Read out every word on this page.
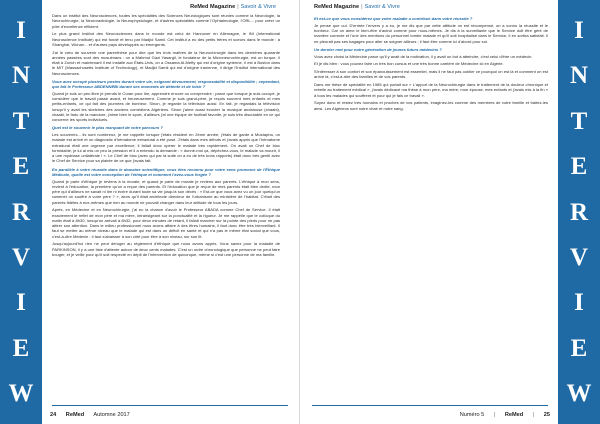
I
N
T
E
R
V
I
E
W
ReMed Magazine | Savoir & Vivre

Dans un institut des Neurosciences, toutes les spécialités des Sciences Neurologiques sont réunies comme la Neurologie, la Neurochirurgie, la Neuroradiologie, la Neurophysiologie, et d'autres spécialités comme l'Ophtalmologie, l'ORL... pour créer un pôle d'excellence efficient.

Le plus grand Institut des Neurosciences dans le monde est celui de Hannover en Allemagne, le INI (International Neuroscience Institute) qui est fondé et tenu par Madjid Samii. Cet institut a eu des petits frères et soeurs dans le monde : à Shanghai, Wuhan... et d'autres pays développés ou émergents.

J'ai le vœu de souvenir une parenthèse pour dire que les trois maîtres de la Neurochirurgie dans les dernières quarante années passées sont des musulmans : on a Mahmut Gazi Yasargil, le fondateur de la Microneurochirurgie, est un turque, il était à Zurich et maintenant il est installé aux États-Unis, on a Ossama Al-Mefty qui est d'origine syrienne, il est à Boston dans le MIT (Massachusetts Institute of Technology), et Madjid Samii qui est d'origine iranienne, il dirige l'Institut International des Neurosciences.

Vous avez occupé plusieurs postes durant votre vie, exigeant dévouement, responsabilité et disponibilité ; cependant, que fait le Professeur ABDENNEBI durant ses moments de détente et de loisir ?

Quand je suis un peu libre je prends le Coran pour lire, apprendre encore ou comprendre ; parce que lorsque je suis occupé, je considère que le travail passe avant, et heureusement. Comme je suis grand-père, je reçois souvent mes enfants et mes petits-enfants, ce qui fait des journées de bonheur. Sinon, je regarde la télévision aussi. En fait, je regardais la télévision lorsqu'il y avait les sketches des anciens comédiens Algériens. Sinon j'aime aussi écouter la musique andalouse (chaabi), chaabi, le fado de la mandore, j'aime bien le sport, d'ailleurs j'ai une équipe de football favorite, je suis très discutable en ce qui concerne les sports individuels.

Quel est le souvenir le plus marquant de votre parcours ?

Les souvenirs... ils sont nombreux, je me rappelle lorsque j'étais résident en 2ème année, j'étais de garde à Mustapha, un malade est arrivé et un diagnostic d'hématome extradural a été posé. J'étais dans mes débuts et j'avais appris que l'hématome extradural était une urgence par excellence, il fallait donc opérer le malade très rapidement. On avait un Chef de bloc formidable, je lui ai mis un peu la pression et il a entendu la demande : « donne-moi ça, dépêchez-vous, le malade va mourir, il a une mydriase unilatérale ! ». Le Chef de bloc (avec qui par la suite on a eu de très bons rapports) était donc très gentil avec le Chef de Service pour sa plainte de ce que j'avais fait.

En parallèle à votre réussite dans le domaine scientifique, vous êtes reconnu pour votre sens prononcé de l'Éthique Médicale, quelle est votre conception de l'éthique et comment l'avez-vous forgée ?

Quand je parle d'éthique je reviens à la morale, et quand je parle de morale je reviens aux parents. L'éthique à mon sens, revient à l'éducation, la première qu'on a reçue des parents. Et l'éducation que je reçue de mes parents était bien droite, mon père qui d'ailleurs ne savait ni lire ni écrire durant toute sa vie jusqu'à son décès : « Est-ce que vous avez vu un jour quelqu'un ramener un souffre à votre père ? », alors qu'il était architecte directeur de l'urbanisme au ministère de l'habitat. C'était des parents fidèles à eux-mêmes que rien au monde ne pouvait changer dans leur attitude de tous les jours.

Après, en Médecine et en Neurochirurgie, j'ai eu la chance d'avoir le Professeur ABADA comme Chef de Service. Il était exactement le reflet de mon père et ma mère, intransigeant sur la ponctualité et la rigueur. Je me rappelle que le colloque du matin était à 8h30, lorsqu'on arrivait à 8h32, pour deux minutes de retard, il fallait marcher sur la pointe des pieds pour ne pas attirer son attention. Dans le milieu professionnel nous avons affaire à des êtres humains, il faut donc être très bienveillant. Il faut se mettre au même niveau que le malade qui est dans un déficit en santé et qui n'a pas le même état social que vous, c'est-à-dire Médecin : il faut s'abaisser à son côté pour être à son niveau, sur son lit.

Jusqu'aujourd'hui rien ne peut déroger au règlement d'éthique que nous avons appris. Vous savez pour la maladie de PARKINSON, il y a une liste d'attente autour de deux cents malades. C'est un ordre chronologique que personne ne peut faire bouger, et je veille pour qu'il soit respecté en dépit de l'intervention de quiconque, même si c'est une personne de ma famille.

24 ReMed Automne 2017
ReMed Magazine | Savoir & Vivre

Et est-ce que vous considérez que votre maladie a contribué dans votre réussite ?

Je pense que oui. D'entrée l'envers y a eu, je me dis que par cette attitude on est récompensé, on a connu la réussite et le bonheur. Car on aime le bien-être d'autrui comme pour nous-mêmes. Je dis à la surveillante que le Service doit être géré de manière correcte et l'une des mentions du personnel tombe malade et qu'il soit hospitalisé dans le Service, il en sortira satisfait. Il ne pleurait pas ses bagages pour aller se soigner ailleurs ; il faut être comme ici d'abord pour soi.

Un dernier mot pour notre génération de jeunes futurs médecins ?

Vous avez choisi la Médecine parce qu'il y avait de la motivation, il y avait un but à atteindre, c'est celui d'être un médecin.

Et je dis bien : vous pouvez faire un très bon cursus et une très bonne carrière de Médecine ici en Algérie.

S'intéresser à son confort et son épanouissement est essentiel, mais il ne faut pas oublier ce pourquoi on est là et comment on est arrivé là, c'est-à-dire des familles et de vos parents.

Dans me thèse de spécialité en 1985 qui portait sur « L'apport de la Neurochirurgie dans le traitement de la douleur chronique et rebelle au traitement médical », j'avais dédicacé ma thèse à mon père, ma mère, mon épouse, mes enfants et j'avais mis à la fin « à tous les malades qui souffrent et pour qui je fais ce travail ».

Soyez donc et restez très humains et proches de vos patients, imaginez-les comme des membres de votre famille et traitez-les ainsi. Les Algériens sont notre chair et notre sang.

I
N
T
E
R
V
I
E
W
Numéro 5 | ReMed | 25
